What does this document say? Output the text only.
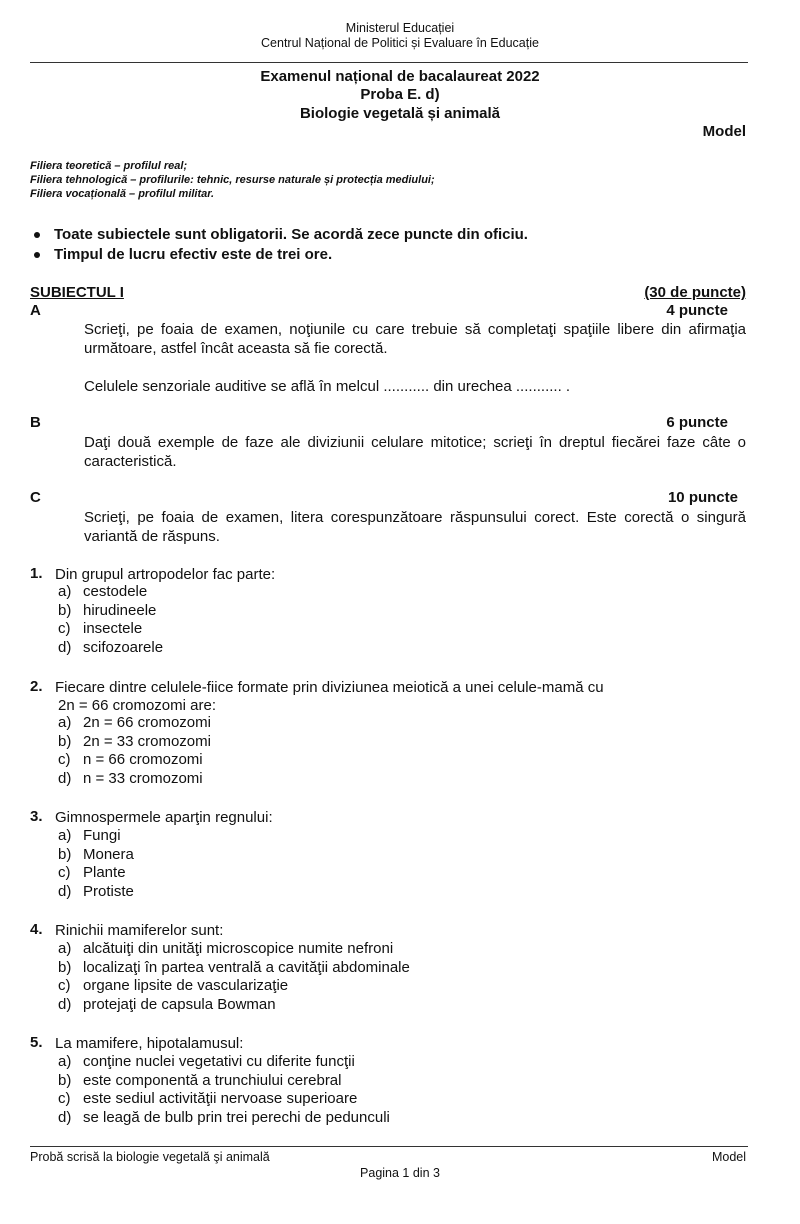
Ministerul Educației
Centrul Național de Politici și Evaluare în Educație
Examenul național de bacalaureat 2022
Proba E. d)
Biologie vegetală și animală
Model
Filiera teoretică – profilul real;
Filiera tehnologică – profilurile: tehnic, resurse naturale și protecția mediului;
Filiera vocațională – profilul militar.
Toate subiectele sunt obligatorii. Se acordă zece puncte din oficiu.
Timpul de lucru efectiv este de trei ore.
SUBIECTUL I	(30 de puncte)
A	4 puncte
Scrieţi, pe foaia de examen, noţiunile cu care trebuie să completaţi spaţiile libere din afirmaţia următoare, astfel încât aceasta să fie corectă.
Celulele senzoriale auditive se află în melcul ........... din urechea ........... .
B	6 puncte
Daţi două exemple de faze ale diviziunii celulare mitotice; scrieţi în dreptul fiecărei faze câte o caracteristică.
C	10 puncte
Scrieţi, pe foaia de examen, litera corespunzătoare răspunsului corect. Este corectă o singură variantă de răspuns.
1. Din grupul artropodelor fac parte:
a) cestodele
b) hirudineele
c) insectele
d) scifozoarele
2. Fiecare dintre celulele-fiice formate prin diviziunea meiotică a unei celule-mamă cu
2n = 66 cromozomi are:
a) 2n = 66 cromozomi
b) 2n = 33 cromozomi
c) n = 66 cromozomi
d) n = 33 cromozomi
3. Gimnospermele aparţin regnului:
a) Fungi
b) Monera
c) Plante
d) Protiste
4. Rinichii mamiferelor sunt:
a) alcătuiţi din unităţi microscopice numite nefroni
b) localizaţi în partea ventrală a cavităţii abdominale
c) organe lipsite de vascularizaţie
d) protejaţi de capsula Bowman
5. La mamifere, hipotalamusul:
a) conţine nuclei vegetativi cu diferite funcţii
b) este componentă a trunchiului cerebral
c) este sediul activităţii nervoase superioare
d) se leagă de bulb prin trei perechi de pedunculi
Probă scrisă la biologie vegetală şi animală	Model
Pagina 1 din 3
